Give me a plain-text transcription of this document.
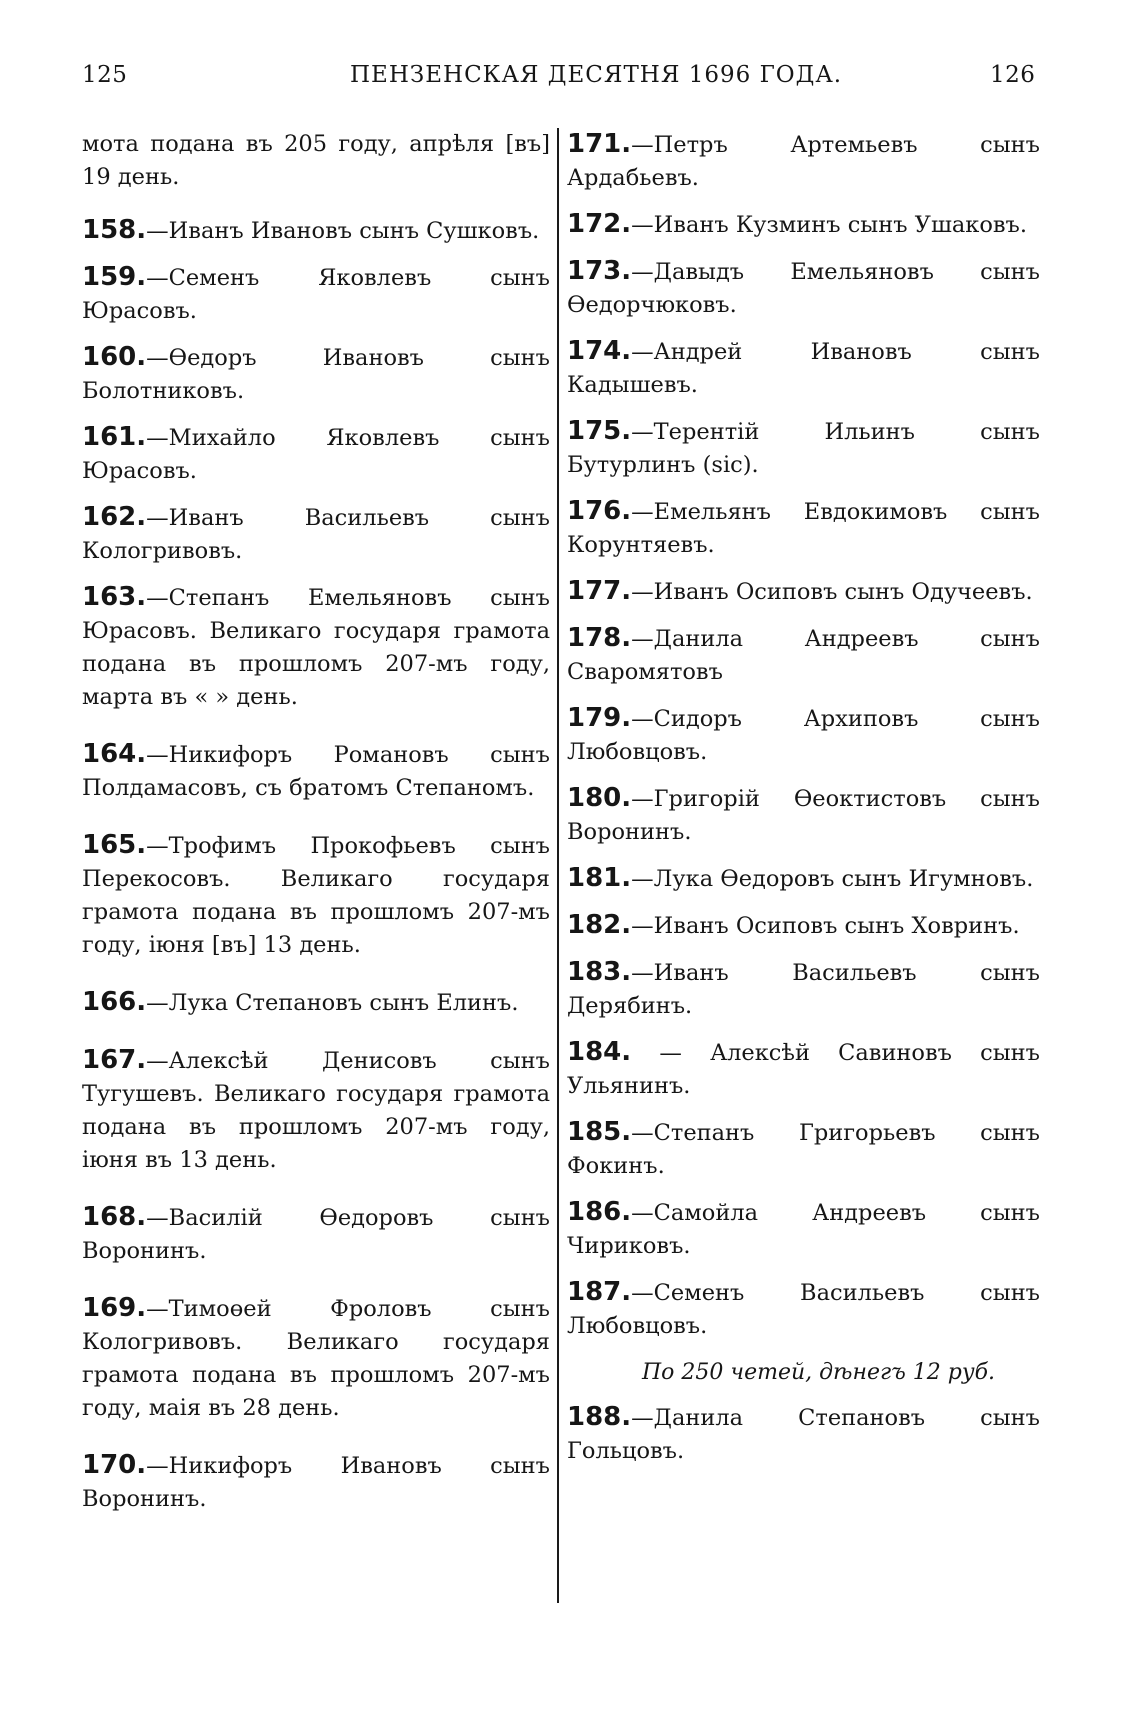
125	ПЕНЗЕНСКАЯ ДЕСЯТНЯ 1696 ГОДА.	126

мота подана въ 205 году, апрѣля [въ] 19 день.

158.—Иванъ Ивановъ сынъ Сушковъ.

159.—Семенъ Яковлевъ сынъ Юрасовъ.

160.—Өедоръ Ивановъ сынъ Болотниковъ.

161.—Михайло Яковлевъ сынъ Юрасовъ.

162.—Иванъ Васильевъ сынъ Кологривовъ.

163.—Степанъ Емельяновъ сынъ Юрасовъ. Великаго государя грамота подана въ прошломъ 207-мъ году, марта въ « » день.

164.—Никифоръ Романовъ сынъ Полдамасовъ, съ братомъ Степаномъ.

165.—Трофимъ Прокофьевъ сынъ Перекосовъ. Великаго государя грамота подана въ прошломъ 207-мъ году, іюня [въ] 13 день.

166.—Лука Степановъ сынъ Елинъ.

167.—Алексѣй Денисовъ сынъ Тугушевъ. Великаго государя грамота подана въ прошломъ 207-мъ году, іюня въ 13 день.

168.—Василій Өедоровъ сынъ Воронинъ.

169.—Тимоөей Фроловъ сынъ Кологривовъ. Великаго государя грамота подана въ прошломъ 207-мъ году, маія въ 28 день.

170.—Никифоръ Ивановъ сынъ Воронинъ.

171.—Петръ Артемьевъ сынъ Ардабьевъ.

172.—Иванъ Кузминъ сынъ Ушаковъ.

173.—Давыдъ Емельяновъ сынъ Өедорчюковъ.

174.—Андрей Ивановъ сынъ Кадышевъ.

175.—Терентій Ильинъ сынъ Бутурлинъ (sic).

176.—Емельянъ Евдокимовъ сынъ Корунтяевъ.

177.—Иванъ Осиповъ сынъ Одучеевъ.

178.—Данила Андреевъ сынъ Сваромятовъ

179.—Сидоръ Архиповъ сынъ Любовцовъ.

180.—Григорій Өеоктистовъ сынъ Воронинъ.

181.—Лука Өедоровъ сынъ Игумновъ.

182.—Иванъ Осиповъ сынъ Ховринъ.

183.—Иванъ Васильевъ сынъ Дерябинъ.

184. — Алексѣй Савиновъ сынъ Ульянинъ.

185.—Степанъ Григорьевъ сынъ Фокинъ.

186.—Самойла Андреевъ сынъ Чириковъ.

187.—Семенъ Васильевъ сынъ Любовцовъ.

По 250 четей, дѣнегъ 12 руб.

188.—Данила Степановъ сынъ Гольцовъ.
